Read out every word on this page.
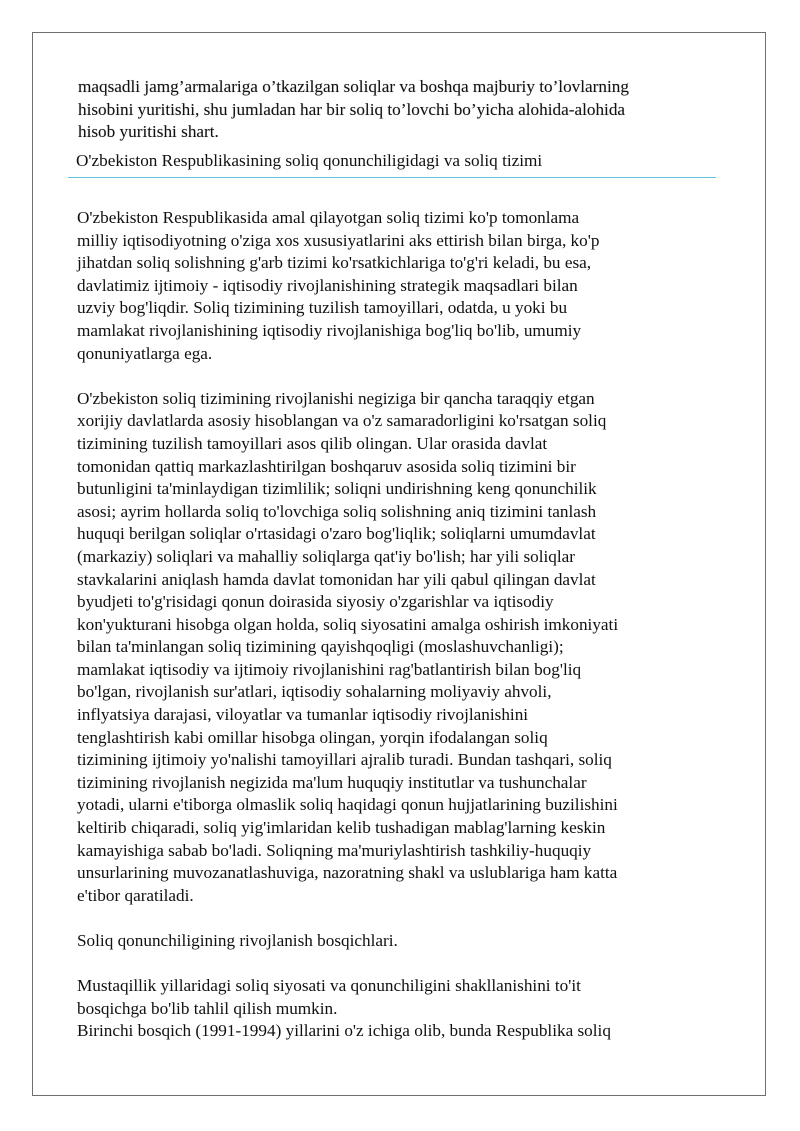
maqsadli jamg’armalariga o’tkazilgan soliqlar va boshqa majburiy to’lovlarning
hisobini yuritishi, shu jumladan har bir soliq to’lovchi bo’yicha alohida-alohida
hisob yuritishi shart.
O'zbekiston Respublikasining soliq qonunchiligidagi va soliq tizimi

O'zbekiston Respublikasida amal qilayotgan soliq tizimi ko'p tomonlama
milliy iqtisodiyotning o'ziga xos xususiyatlarini aks ettirish bilan birga, ko'p
jihatdan soliq solishning g'arb tizimi ko'rsatkichlariga to'g'ri keladi, bu esa,
davlatimiz ijtimoiy - iqtisodiy rivojlanishining strategik maqsadlari bilan
uzviy bog'liqdir. Soliq tizimining tuzilish tamoyillari, odatda, u yoki bu
mamlakat rivojlanishining iqtisodiy rivojlanishiga bog'liq bo'lib, umumiy
qonuniyatlarga ega.

O'zbekiston soliq tizimining rivojlanishi negiziga bir qancha taraqqiy etgan
xorijiy davlatlarda asosiy hisoblangan va o'z samaradorligini ko'rsatgan soliq
tizimining tuzilish tamoyillari asos qilib olingan. Ular orasida davlat
tomonidan qattiq markazlashtirilgan boshqaruv asosida soliq tizimini bir
butunligini ta'minlaydigan tizimlilik; soliqni undirishning keng qonunchilik
asosi; ayrim hollarda soliq to'lovchiga soliq solishning aniq tizimini tanlash
huquqi berilgan soliqlar o'rtasidagi o'zaro bog'liqlik; soliqlarni umumdavlat
(markaziy) soliqlari va mahalliy soliqlarga qat'iy bo'lish; har yili soliqlar
stavkalarini aniqlash hamda davlat tomonidan har yili qabul qilingan davlat
byudjeti to'g'risidagi qonun doirasida siyosiy o'zgarishlar va iqtisodiy
kon'yukturani hisobga olgan holda, soliq siyosatini amalga oshirish imkoniyati
bilan ta'minlangan soliq tizimining qayishqoqligi (moslashuvchanligi);
mamlakat iqtisodiy va ijtimoiy rivojlanishini rag'batlantirish bilan bog'liq
bo'lgan, rivojlanish sur'atlari, iqtisodiy sohalarning moliyaviy ahvoli,
inflyatsiya darajasi, viloyatlar va tumanlar iqtisodiy rivojlanishini
tenglashtirish kabi omillar hisobga olingan, yorqin ifodalangan soliq
tizimining ijtimoiy yo'nalishi tamoyillari ajralib turadi. Bundan tashqari, soliq
tizimining rivojlanish negizida ma'lum huquqiy institutlar va tushunchalar
yotadi, ularni e'tiborga olmaslik soliq haqidagi qonun hujjatlarining buzilishini
keltirib chiqaradi, soliq yig'imlaridan kelib tushadigan mablag'larning keskin
kamayishiga sabab bo'ladi. Soliqning ma'muriylashtirish tashkiliy-huquqiy
unsurlarining muvozanatlashuviga, nazoratning shakl va uslublariga ham katta
e'tibor qaratiladi.

Soliq qonunchiligining rivojlanish bosqichlari.

Mustaqillik yillaridagi soliq siyosati va qonunchiligini shakllanishini to'it
bosqichga bo'lib tahlil qilish mumkin.
Birinchi bosqich (1991-1994) yillarini o'z ichiga olib, bunda Respublika soliq
